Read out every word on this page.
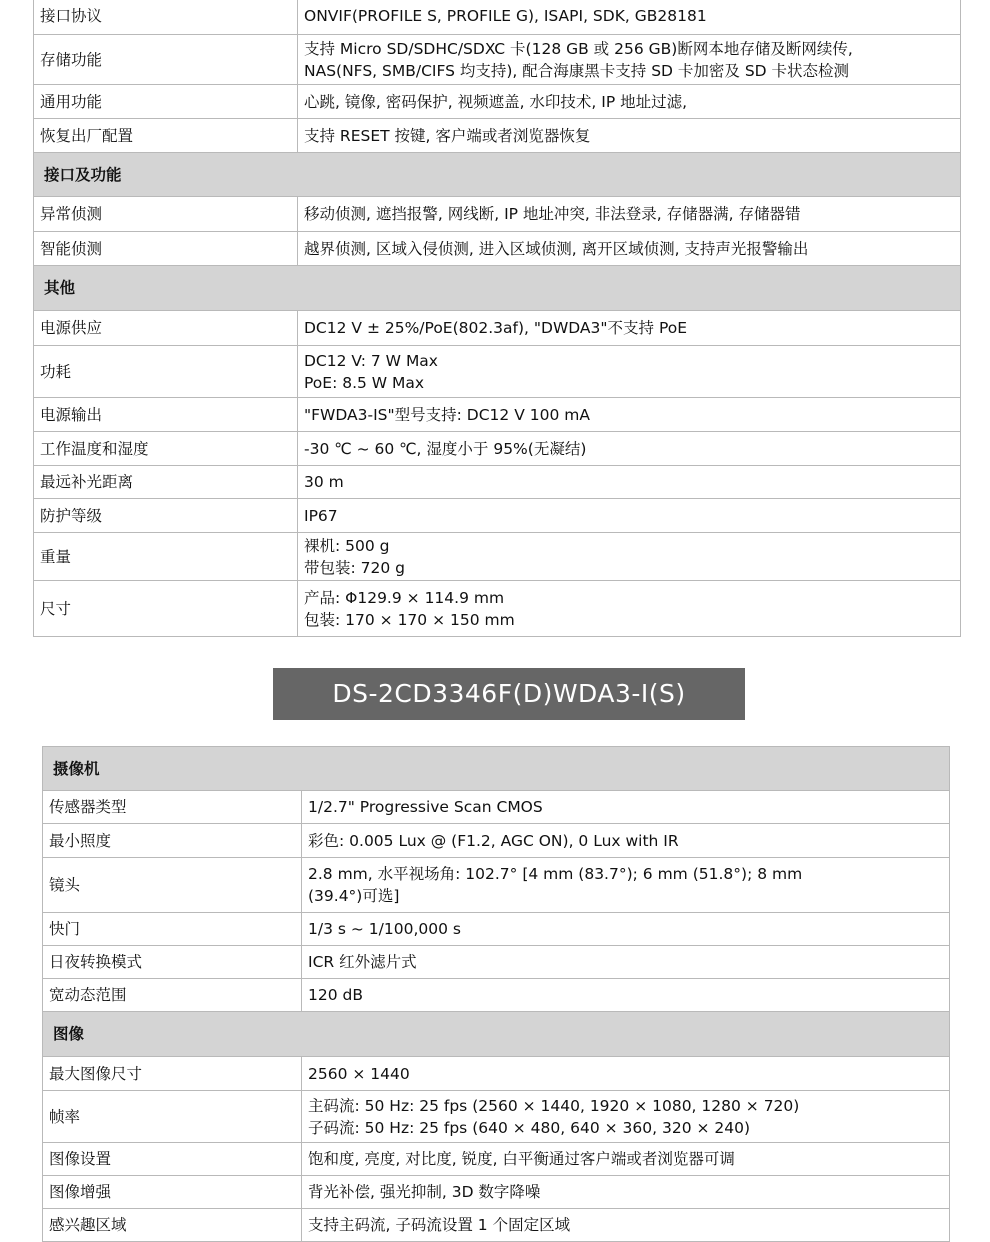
接口协议	ONVIF(PROFILE S, PROFILE G), ISAPI, SDK, GB28181
存储功能	支持 Micro SD/SDHC/SDXC 卡(128 GB 或 256 GB)断网本地存储及断网续传,
NAS(NFS, SMB/CIFS 均支持), 配合海康黑卡支持 SD 卡加密及 SD 卡状态检测
通用功能	心跳, 镜像, 密码保护, 视频遮盖, 水印技术, IP 地址过滤,
恢复出厂配置	支持 RESET 按键, 客户端或者浏览器恢复
接口及功能	
异常侦测	移动侦测, 遮挡报警, 网线断, IP 地址冲突, 非法登录, 存储器满, 存储器错
智能侦测	越界侦测, 区域入侵侦测, 进入区域侦测, 离开区域侦测, 支持声光报警输出
其他	
电源供应	DC12 V ± 25%/PoE(802.3af), "DWDA3"不支持 PoE
功耗	DC12 V: 7 W Max
PoE: 8.5 W Max
电源输出	"FWDA3-IS"型号支持: DC12 V 100 mA
工作温度和湿度	-30 ℃ ~ 60 ℃, 湿度小于 95%(无凝结)
最远补光距离	30 m
防护等级	IP67
重量	裸机: 500 g
带包装: 720 g
尺寸	产品: Φ129.9 × 114.9 mm
包装: 170 × 170 × 150 mm
DS-2CD3346F(D)WDA3-I(S)
摄像机	
传感器类型	1/2.7" Progressive Scan CMOS
最小照度	彩色: 0.005 Lux @ (F1.2, AGC ON), 0 Lux with IR
镜头	2.8 mm, 水平视场角: 102.7° [4 mm (83.7°); 6 mm (51.8°); 8 mm
(39.4°)可选]
快门	1/3 s ~ 1/100,000 s
日夜转换模式	ICR 红外滤片式
宽动态范围	120 dB
图像	
最大图像尺寸	2560 × 1440
帧率	主码流: 50 Hz: 25 fps (2560 × 1440, 1920 × 1080, 1280 × 720)
子码流: 50 Hz: 25 fps (640 × 480, 640 × 360, 320 × 240)
图像设置	饱和度, 亮度, 对比度, 锐度, 白平衡通过客户端或者浏览器可调
图像增强	背光补偿, 强光抑制, 3D 数字降噪
感兴趣区域	支持主码流, 子码流设置 1 个固定区域
